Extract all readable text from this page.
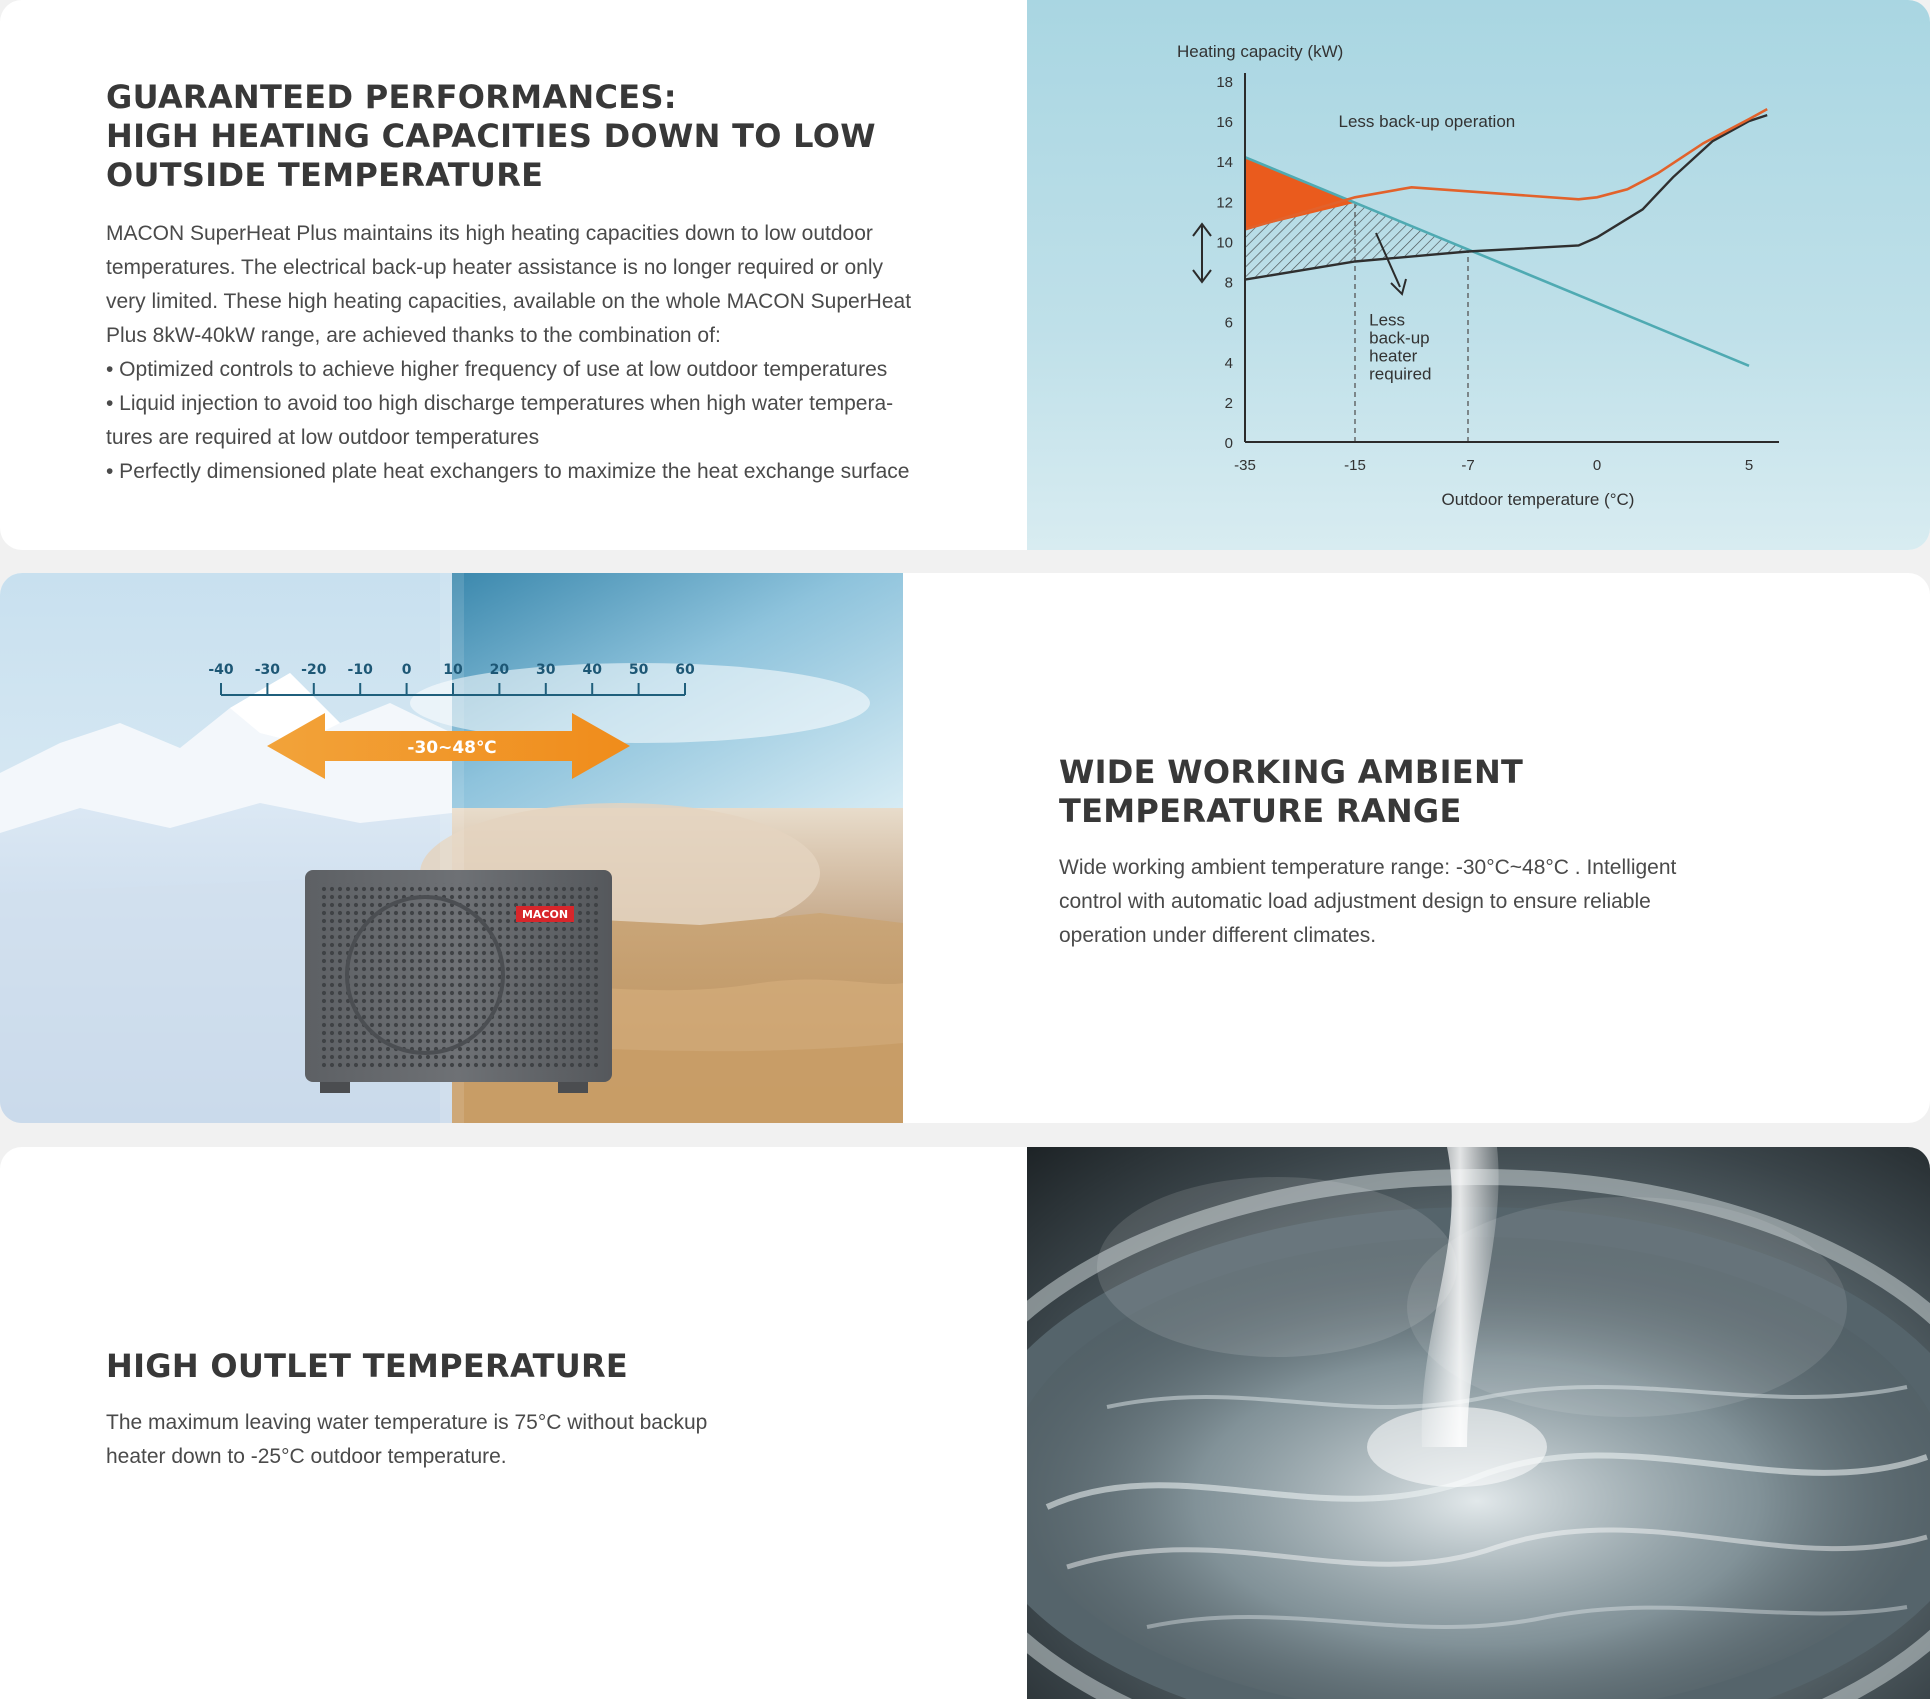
GUARANTEED PERFORMANCES:
HIGH HEATING CAPACITIES DOWN TO LOW
OUTSIDE TEMPERATURE

MACON SuperHeat Plus maintains its high heating capacities down to low outdoor
temperatures. The electrical back-up heater assistance is no longer required or only
very limited. These high heating capacities, available on the whole MACON SuperHeat
Plus 8kW-40kW range, are achieved thanks to the combination of:
• Optimized controls to achieve higher frequency of use at low outdoor temperatures
• Liquid injection to avoid too high discharge temperatures when high water tempera-
tures are required at low outdoor temperatures
• Perfectly dimensioned plate heat exchangers to maximize the heat exchange surface

0
2
4
6
8
10
12
14
16
18
-35	-15	-7	0	5
Heating capacity (kW)
Outdoor temperature (°C)
Less back-up operation
Less
back-up
heater
required
MACON
-40 -30 -20 -10 0 10 20 30 40 50 60
-30~48℃
WIDE WORKING AMBIENT
TEMPERATURE RANGE

Wide working ambient temperature range: -30°C~48°C . Intelligent
control with automatic load adjustment design to ensure reliable
operation under different climates.

HIGH OUTLET TEMPERATURE

The maximum leaving water temperature is 75°C without backup
heater down to -25°C outdoor temperature.
